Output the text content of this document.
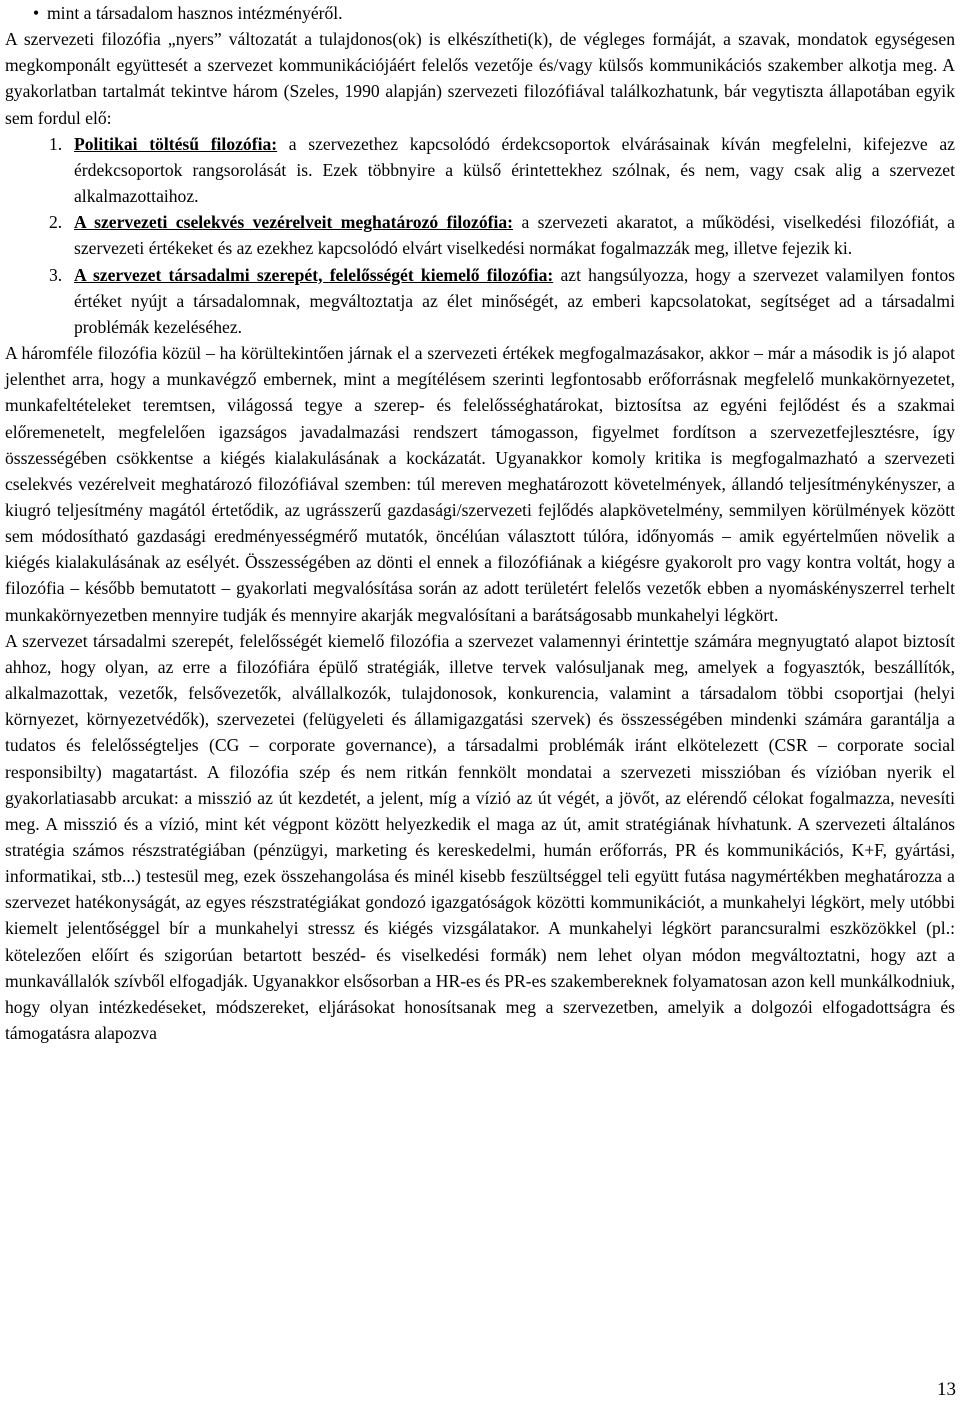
• mint a társadalom hasznos intézményéről.

A szervezeti filozófia „nyers” változatát a tulajdonos(ok) is elkészítheti(k), de végleges formáját, a szavak, mondatok egységesen megkomponált együttesét a szervezet kommunikációjáért felelős vezetője és/vagy külsős kommunikációs szakember alkotja meg. A gyakorlatban tartalmát tekintve három (Szeles, 1990 alapján) szervezeti filozófiával találkozhatunk, bár vegytiszta állapotában egyik sem fordul elő:

1. Politikai töltésű filozófia: a szervezethez kapcsolódó érdekcsoportok elvárásainak kíván megfelelni, kifejezve az érdekcsoportok rangsorolását is. Ezek többnyire a külső érintettekhez szólnak, és nem, vagy csak alig a szervezet alkalmazottaihoz.

2. A szervezeti cselekvés vezérelveit meghatározó filozófia: a szervezeti akaratot, a működési, viselkedési filozófiát, a szervezeti értékeket és az ezekhez kapcsolódó elvárt viselkedési normákat fogalmazzák meg, illetve fejezik ki.

3. A szervezet társadalmi szerepét, felelősségét kiemelő filozófia: azt hangsúlyozza, hogy a szervezet valamilyen fontos értéket nyújt a társadalomnak, megváltoztatja az élet minőségét, az emberi kapcsolatokat, segítséget ad a társadalmi problémák kezeléséhez.

A háromféle filozófia közül – ha körültekintően járnak el a szervezeti értékek megfogalmazásakor, akkor – már a második is jó alapot jelenthet arra, hogy a munkavégző embernek, mint a megítélésem szerinti legfontosabb erőforrásnak megfelelő munkakörnyezetet, munkafeltételeket teremtsen, világossá tegye a szerep- és felelősséghatárokat, biztosítsa az egyéni fejlődést és a szakmai előremenetelt, megfelelően igazságos javadalmazási rendszert támogasson, figyelmet fordítson a szervezetfejlesztésre, így összességében csökkentse a kiégés kialakulásának a kockázatát. Ugyanakkor komoly kritika is megfogalmazható a szervezeti cselekvés vezérelveit meghatározó filozófiával szemben: túl mereven meghatározott követelmények, állandó teljesítménykényszer, a kiugró teljesítmény magától értetődik, az ugrásszerű gazdasági/szervezeti fejlődés alapkövetelmény, semmilyen körülmények között sem módosítható gazdasági eredményességmérő mutatók, öncélúan választott túlóra, időnyomás – amik egyértelműen növelik a kiégés kialakulásának az esélyét. Összességében az dönti el ennek a filozófiának a kiégésre gyakorolt pro vagy kontra voltát, hogy a filozófia – később bemutatott – gyakorlati megvalósítása során az adott területért felelős vezetők ebben a nyomáskényszerrel terhelt munkakörnyezetben mennyire tudják és mennyire akarják megvalósítani a barátságosabb munkahelyi légkört.

A szervezet társadalmi szerepét, felelősségét kiemelő filozófia a szervezet valamennyi érintettje számára megnyugtató alapot biztosít ahhoz, hogy olyan, az erre a filozófiára épülő stratégiák, illetve tervek valósuljanak meg, amelyek a fogyasztók, beszállítók, alkalmazottak, vezetők, felsővezetők, alvállalkozók, tulajdonosok, konkurencia, valamint a társadalom többi csoportjai (helyi környezet, környezetvédők), szervezetei (felügyeleti és államigazgatási szervek) és összességében mindenki számára garantálja a tudatos és felelősségteljes (CG – corporate governance), a társadalmi problémák iránt elkötelezett (CSR – corporate social responsibilty) magatartást. A filozófia szép és nem ritkán fennkölt mondatai a szervezeti misszióban és vízióban nyerik el gyakorlatiasabb arcukat: a misszió az út kezdetét, a jelent, míg a vízió az út végét, a jövőt, az elérendő célokat fogalmazza, nevesíti meg. A misszió és a vízió, mint két végpont között helyezkedik el maga az út, amit stratégiának hívhatunk. A szervezeti általános stratégia számos részstratégiában (pénzügyi, marketing és kereskedelmi, humán erőforrás, PR és kommunikációs, K+F, gyártási, informatikai, stb...) testesül meg, ezek összehangolása és minél kisebb feszültséggel teli együtt futása nagymértékben meghatározza a szervezet hatékonyságát, az egyes részstratégiákat gondozó igazgatóságok közötti kommunikációt, a munkahelyi légkört, mely utóbbi kiemelt jelentőséggel bír a munkahelyi stressz és kiégés vizsgálatakor. A munkahelyi légkört parancsuralmi eszközökkel (pl.: kötelezően előírt és szigorúan betartott beszéd- és viselkedési formák) nem lehet olyan módon megváltoztatni, hogy azt a munkavállalók szívből elfogadják. Ugyanakkor elsősorban a HR-es és PR-es szakembereknek folyamatosan azon kell munkálkodniuk, hogy olyan intézkedéseket, módszereket, eljárásokat honosítsanak meg a szervezetben, amelyik a dolgozói elfogadottságra és támogatásra alapozva

13
